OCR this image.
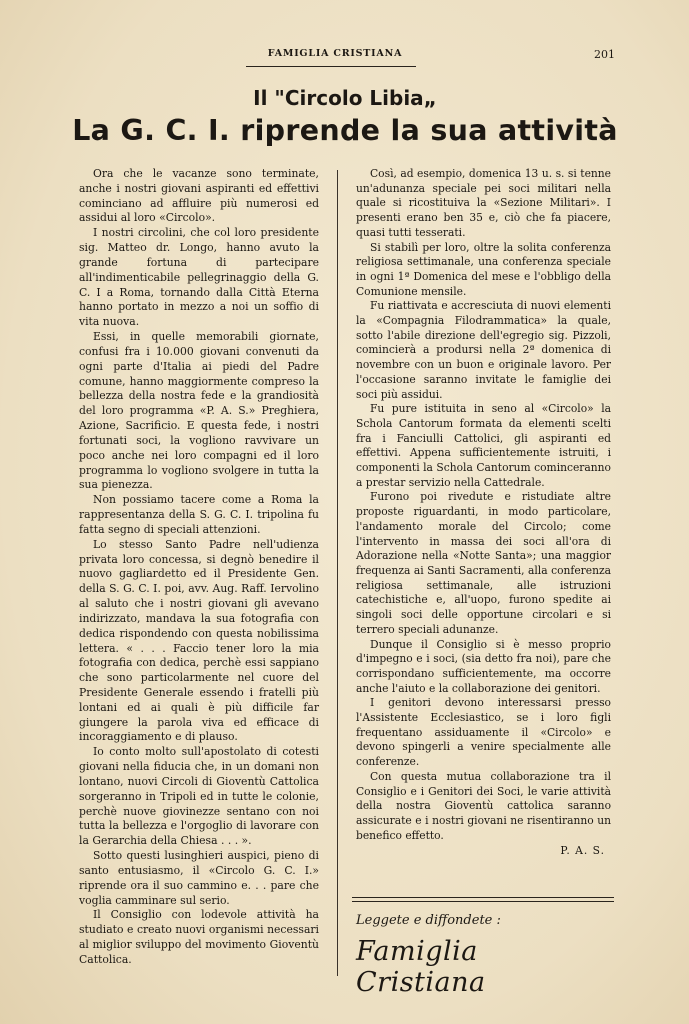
FAMIGLIA CRISTIANA	201
Il "Circolo Libia„
La G. C. I. riprende la sua attività

Ora che le vacanze sono terminate, anche i nostri giovani aspiranti ed effettivi cominciano ad affluire più numerosi ed assidui al loro «Circolo».

I nostri circolini, che col loro presidente sig. Matteo dr. Longo, hanno avuto la grande fortuna di partecipare all'indimenticabile pellegrinaggio della G. C. I a Roma, tornando dalla Città Eterna hanno portato in mezzo a noi un soffio di vita nuova.

Essi, in quelle memorabili giornate, confusi fra i 10.000 giovani convenuti da ogni parte d'Italia ai piedi del Padre comune, hanno maggiormente compreso la bellezza della nostra fede e la grandiosità del loro programma «P. A. S.» Preghiera, Azione, Sacrificio. E questa fede, i nostri fortunati soci, la vogliono ravvivare un poco anche nei loro compagni ed il loro programma lo vogliono svolgere in tutta la sua pienezza.

Non possiamo tacere come a Roma la rappresentanza della S. G. C. I. tripolina fu fatta segno di speciali attenzioni.

Lo stesso Santo Padre nell'udienza privata loro concessa, si degnò benedire il nuovo gagliardetto ed il Presidente Gen. della S. G. C. I. poi, avv. Aug. Raff. Iervolino al saluto che i nostri giovani gli avevano indirizzato, mandava la sua fotografia con dedica rispondendo con questa nobilissima lettera. « . . . Faccio tener loro la mia fotografia con dedica, perchè essi sappiano che sono particolarmente nel cuore del Presidente Generale essendo i fratelli più lontani ed ai quali è più difficile far giungere la parola viva ed efficace di incoraggiamento e di plauso.

Io conto molto sull'apostolato di cotesti giovani nella fiducia che, in un domani non lontano, nuovi Circoli di Gioventù Cattolica sorgeranno in Tripoli ed in tutte le colonie, perchè nuove giovinezze sentano con noi tutta la bellezza e l'orgoglio di lavorare con la Gerarchia della Chiesa . . . ».

Sotto questi lusinghieri auspici, pieno di santo entusiasmo, il «Circolo G. C. I.» riprende ora il suo cammino e. . . pare che voglia camminare sul serio.

Il Consiglio con lodevole attività ha studiato e creato nuovi organismi necessari al miglior sviluppo del movimento Gioventù Cattolica.

Così, ad esempio, domenica 13 u. s. si tenne un'adunanza speciale pei soci militari nella quale si ricostituiva la «Sezione Militari». I presenti erano ben 35 e, ciò che fa piacere, quasi tutti tesserati.

Si stabilì per loro, oltre la solita conferenza religiosa settimanale, una conferenza speciale in ogni 1ª Domenica del mese e l'obbligo della Comunione mensile.

Fu riattivata e accresciuta di nuovi elementi la «Compagnia Filodrammatica» la quale, sotto l'abile direzione dell'egregio sig. Pizzoli, comincierà a prodursi nella 2ª domenica di novembre con un buon e originale lavoro. Per l'occasione saranno invitate le famiglie dei soci più assidui.

Fu pure istituita in seno al «Circolo» la Schola Cantorum formata da elementi scelti fra i Fanciulli Cattolici, gli aspiranti ed effettivi. Appena sufficientemente istruiti, i componenti la Schola Cantorum cominceranno a prestar servizio nella Cattedrale.

Furono poi rivedute e ristudiate altre proposte riguardanti, in modo particolare, l'andamento morale del Circolo; come l'intervento in massa dei soci all'ora di Adorazione nella «Notte Santa»; una maggior frequenza ai Santi Sacramenti, alla conferenza religiosa settimanale, alle istruzioni catechistiche e, all'uopo, furono spedite ai singoli soci delle opportune circolari e si terrero speciali adunanze.

Dunque il Consiglio si è messo proprio d'impegno e i soci, (sia detto fra noi), pare che corrispondano sufficientemente, ma occorre anche l'aiuto e la collaborazione dei genitori.

I genitori devono interessarsi presso l'Assistente Ecclesiastico, se i loro figli frequentano assiduamente il «Circolo» e devono spingerli a venire specialmente alle conferenze.

Con questa mutua collaborazione tra il Consiglio e i Genitori dei Soci, le varie attività della nostra Gioventù cattolica saranno assicurate e i nostri giovani ne risentiranno un benefico effetto.

P. A. S.

Leggete e diffondete :
Famiglia Cristiana
